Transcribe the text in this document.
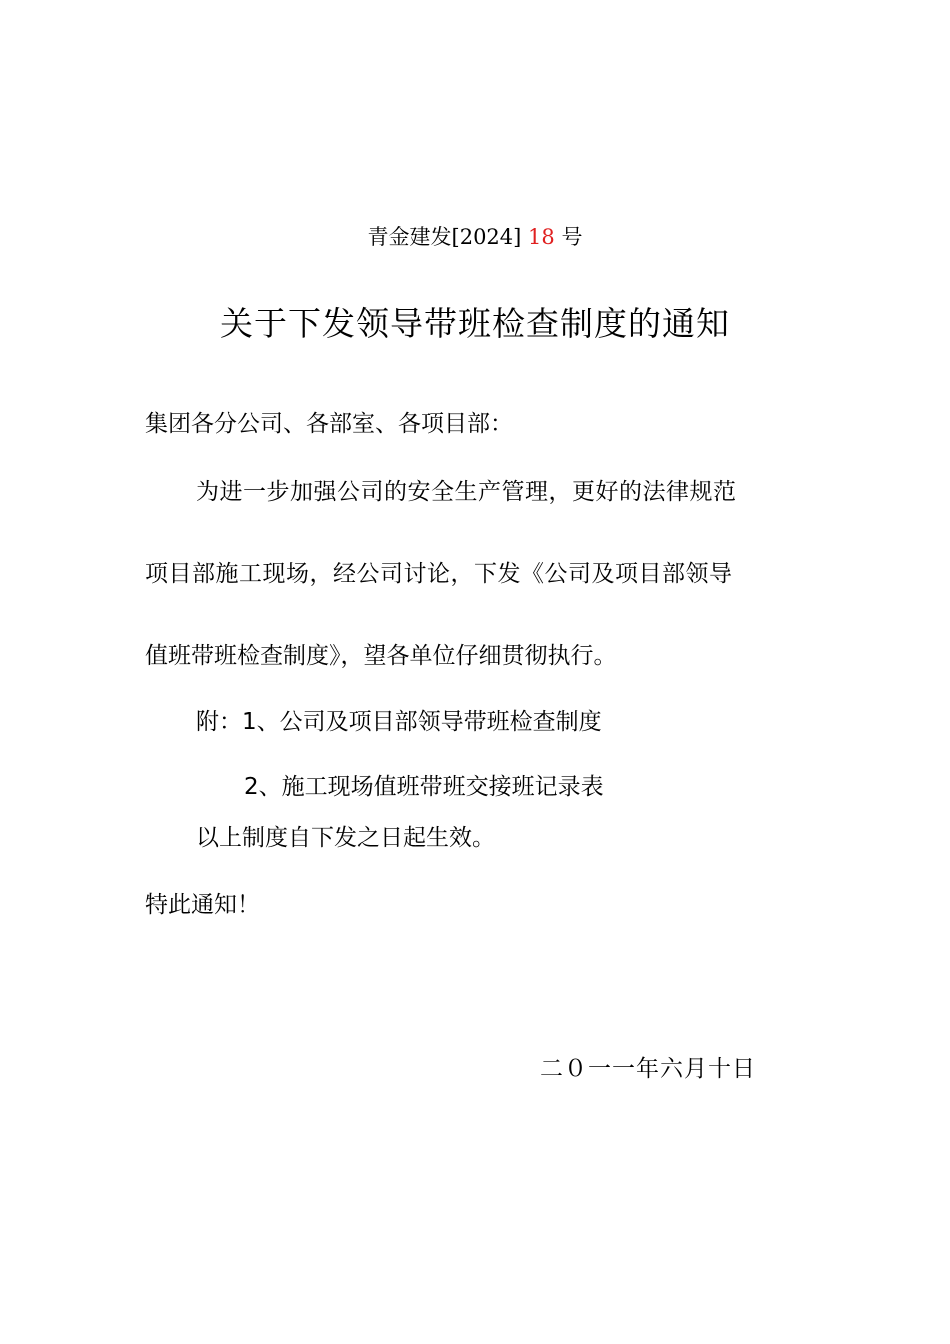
青金建发[2024] 18 号
关于下发领导带班检查制度的通知
集团各分公司、各部室、各项目部：
为进一步加强公司的安全生产管理，更好的法律规范
项目部施工现场，经公司讨论，下发《公司及项目部领导
值班带班检查制度》，望各单位仔细贯彻执行。
附：1、公司及项目部领导带班检查制度
2、施工现场值班带班交接班记录表
以上制度自下发之日起生效。
特此通知！
二０一一年六月十日
